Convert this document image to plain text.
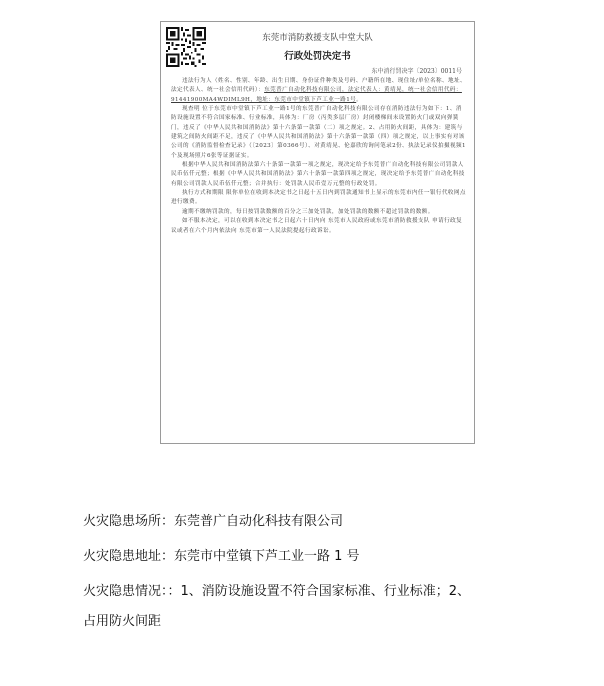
东莞市消防救援支队中堂大队
行政处罚决定书
东中消行罚决字〔2023〕0011号

违法行为人（姓名、性别、年龄、出生日期、身份证件种类及号码、户籍所在地、现住址/单位名称、地址、法定代表人、统一社会信用代码）：东莞普广自动化科技有限公司，法定代表人：黄靖晃，统一社会信用代码：91441900MA4WDIML9H，地址：东莞市中堂镇下芦工业一路1号。

现查明 位于东莞市中堂镇下芦工业一路1号的东莞普广自动化科技有限公司存在消防违法行为如下：1、消防设施设置不符合国家标准、行业标准，具体为：厂房（丙类多层厂房）封闭楼梯间未设置防火门或双向弹簧门，违反了《中华人民共和国消防法》第十六条第一款第（二）项之规定。2、占用防火间距，具体为：建筑与建筑之间防火间距不足，违反了《中华人民共和国消防法》第十六条第一款第（四）项之规定，以上事实有对该公司的《消防监督检查记录》（〔2023〕第0366号）、对黄靖晃、伦嘉欣的询问笔录2份、执法记录仪拍摄视频1个及现场照片6张等证据证实。

根据中华人民共和国消防法第六十条第一款第一项之规定，现决定给予东莞普广自动化科技有限公司罚款人民币伍仟元整；根据《中华人民共和国消防法》第六十条第一款第四项之规定，现决定给予东莞普广自动化科技有限公司罚款人民币伍仟元整；合并执行：处罚款人民币壹万元整的行政处罚。

执行方式和期限 限你单位在收到本决定书之日起十五日内到罚款通知书上显示的东莞市内任一银行代收网点进行缴费。

逾期不缴纳罚款的，每日按罚款数额的百分之三加处罚款，加处罚款的数额不超过罚款的数额。

如不服本决定，可以在收到本决定书之日起六十日内向 东莞市人民政府或东莞市消防救援支队 申请行政复议或者在六个月内依法向 东莞市第一人民法院提起行政诉讼。

火灾隐患场所：东莞普广自动化科技有限公司
火灾隐患地址：东莞市中堂镇下芦工业一路 1 号
火灾隐患情况：：1、消防设施设置不符合国家标准、行业标准；2、
占用防火间距
